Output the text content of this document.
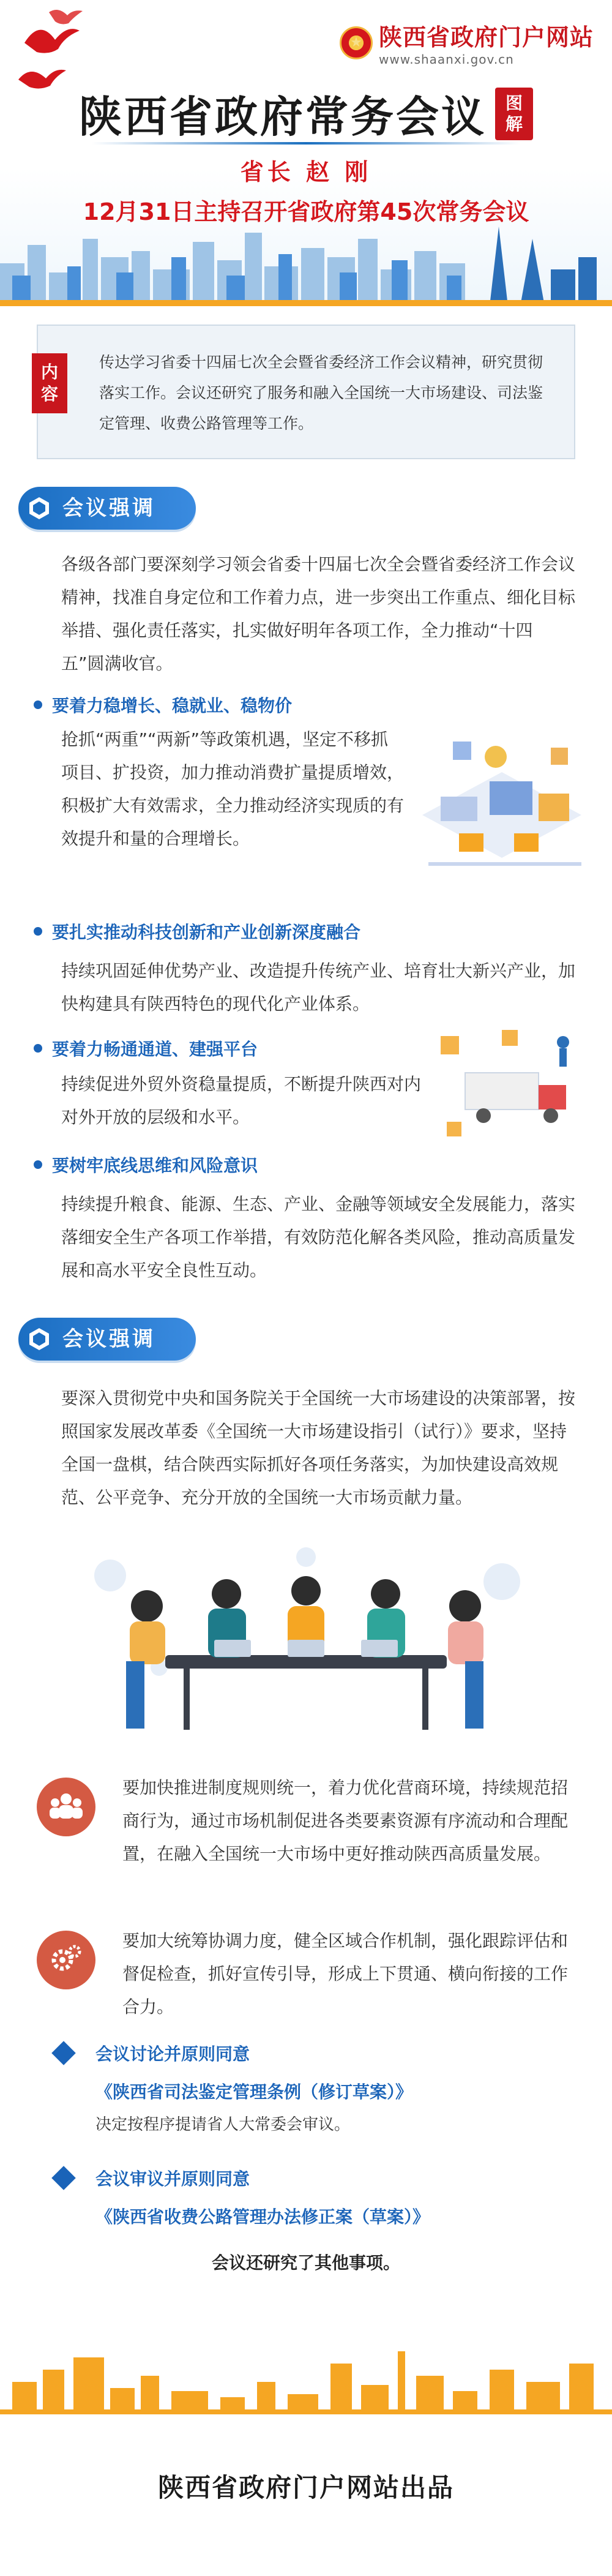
★ 陕西省政府门户网站
www.shaanxi.gov.cn
陕西省政府常务会议 图
解
省长 赵 刚
12月31日主持召开省政府第45次常务会议
内
容
传达学习省委十四届七次全会暨省委经济工作会议精神，研究贯彻落实工作。会议还研究了服务和融入全国统一大市场建设、司法鉴定管理、收费公路管理等工作。
会议强调
各级各部门要深刻学习领会省委十四届七次全会暨省委经济工作会议精神，找准自身定位和工作着力点，进一步突出工作重点、细化目标举措、强化责任落实，扎实做好明年各项工作，全力推动“十四五”圆满收官。
要着力稳增长、稳就业、稳物价
抢抓“两重”“两新”等政策机遇，坚定不移抓项目、扩投资，加力推动消费扩量提质增效，积极扩大有效需求，全力推动经济实现质的有效提升和量的合理增长。
要扎实推动科技创新和产业创新深度融合
持续巩固延伸优势产业、改造提升传统产业、培育壮大新兴产业，加快构建具有陕西特色的现代化产业体系。
要着力畅通通道、建强平台
持续促进外贸外资稳量提质，不断提升陕西对内对外开放的层级和水平。
要树牢底线思维和风险意识
持续提升粮食、能源、生态、产业、金融等领域安全发展能力，落实落细安全生产各项工作举措，有效防范化解各类风险，推动高质量发展和高水平安全良性互动。
会议强调
要深入贯彻党中央和国务院关于全国统一大市场建设的决策部署，按照国家发展改革委《全国统一大市场建设指引（试行）》要求，坚持全国一盘棋，结合陕西实际抓好各项任务落实，为加快建设高效规范、公平竞争、充分开放的全国统一大市场贡献力量。
要加快推进制度规则统一，着力优化营商环境，持续规范招商行为，通过市场机制促进各类要素资源有序流动和合理配置，在融入全国统一大市场中更好推动陕西高质量发展。
要加大统筹协调力度，健全区域合作机制，强化跟踪评估和督促检查，抓好宣传引导，形成上下贯通、横向衔接的工作合力。
会议讨论并原则同意
《陕西省司法鉴定管理条例（修订草案）》
决定按程序提请省人大常委会审议。
会议审议并原则同意
《陕西省收费公路管理办法修正案（草案）》
会议还研究了其他事项。
陕西省政府门户网站出品
